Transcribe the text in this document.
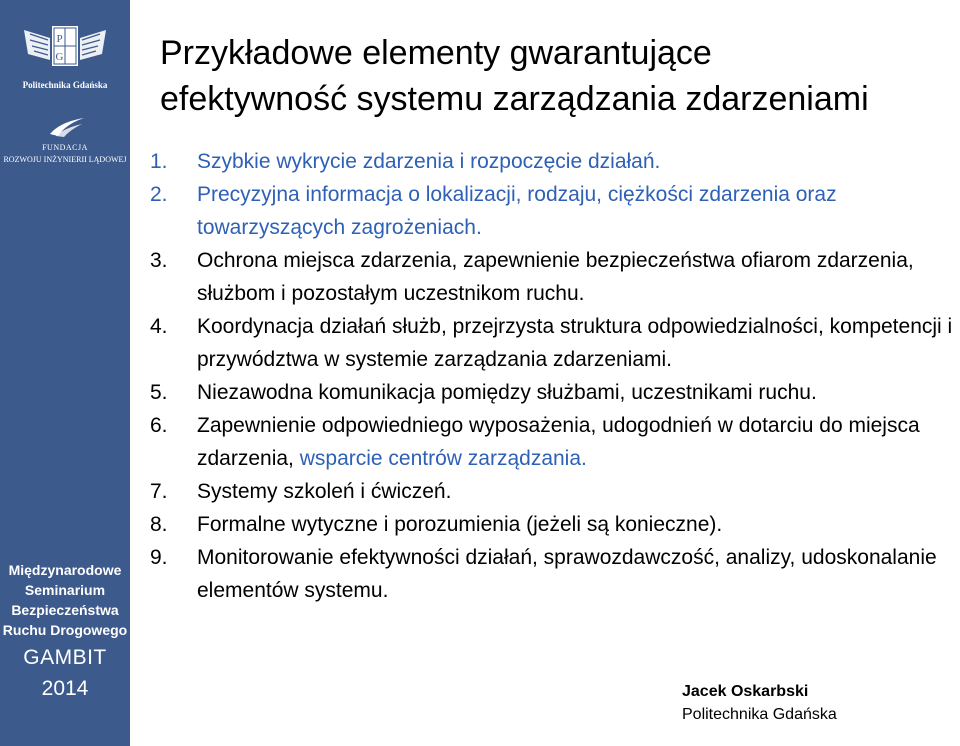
P
G
Politechnika Gdańska
FUNDACJA
ROZWOJU INŻYNIERII LĄDOWEJ
Międzynarodowe
Seminarium
Bezpieczeństwa
Ruchu Drogowego
GAMBIT
2014
Przykładowe elementy gwarantujące
efektywność systemu zarządzania zdarzeniami
1. Szybkie wykrycie zdarzenia i rozpoczęcie działań.
2. Precyzyjna informacja o lokalizacji, rodzaju, ciężkości zdarzenia oraz towarzyszących zagrożeniach.
3. Ochrona miejsca zdarzenia, zapewnienie bezpieczeństwa ofiarom zdarzenia, służbom i pozostałym uczestnikom ruchu.
4. Koordynacja działań służb, przejrzysta struktura odpowiedzialności, kompetencji i przywództwa w systemie zarządzania zdarzeniami.
5. Niezawodna komunikacja pomiędzy służbami, uczestnikami ruchu.
6. Zapewnienie odpowiedniego wyposażenia, udogodnień w dotarciu do miejsca zdarzenia, wsparcie centrów zarządzania.
7. Systemy szkoleń i ćwiczeń.
8. Formalne wytyczne i porozumienia (jeżeli są konieczne).
9. Monitorowanie efektywności działań, sprawozdawczość, analizy, udoskonalanie elementów systemu.
Jacek Oskarbski
Politechnika Gdańska
